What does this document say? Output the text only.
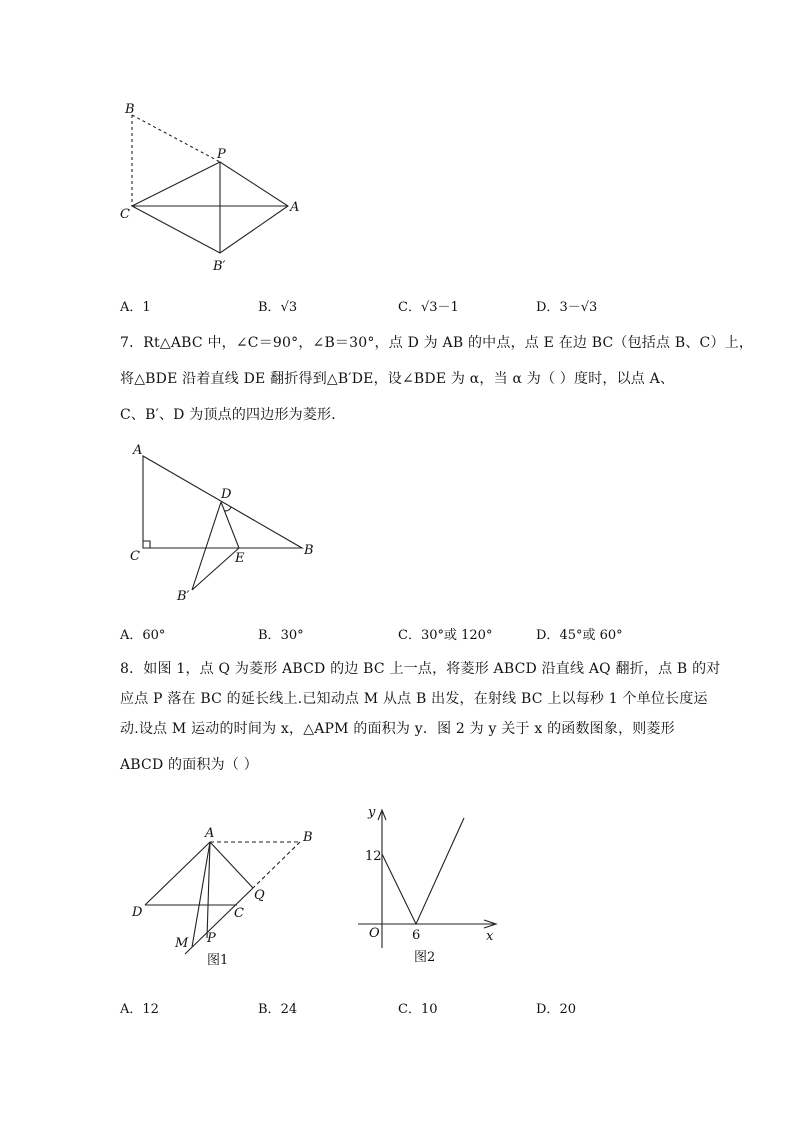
B
P
C	A
B′
A．1	B．√3	C．√3－1	D．3－√3
7．Rt△ABC 中，∠C＝90°，∠B＝30°，点 D 为 AB 的中点，点 E 在边 BC（包括点 B、C）上，
将△BDE 沿着直线 DE 翻折得到△B′DE，设∠BDE 为 α，当 α 为（ ）度时，以点 A、
C、B′、D 为顶点的四边形为菱形．
A
D
C	E
B
B′
A．60°	B．30°	C．30°或 120°	D．45°或 60°
8．如图 1，点 Q 为菱形 ABCD 的边 BC 上一点，将菱形 ABCD 沿直线 AQ 翻折，点 B 的对
应点 P 落在 BC 的延长线上.已知动点 M 从点 B 出发，在射线 BC 上以每秒 1 个单位长度运
动.设点 M 运动的时间为 x，△APM 的面积为 y．图 2 为 y 关于 x 的函数图象，则菱形
ABCD 的面积为（ ）
A	B
D	C
Q
M P
图1
y
x
O
12
6
图2
A．12	B．24	C．10	D．20
